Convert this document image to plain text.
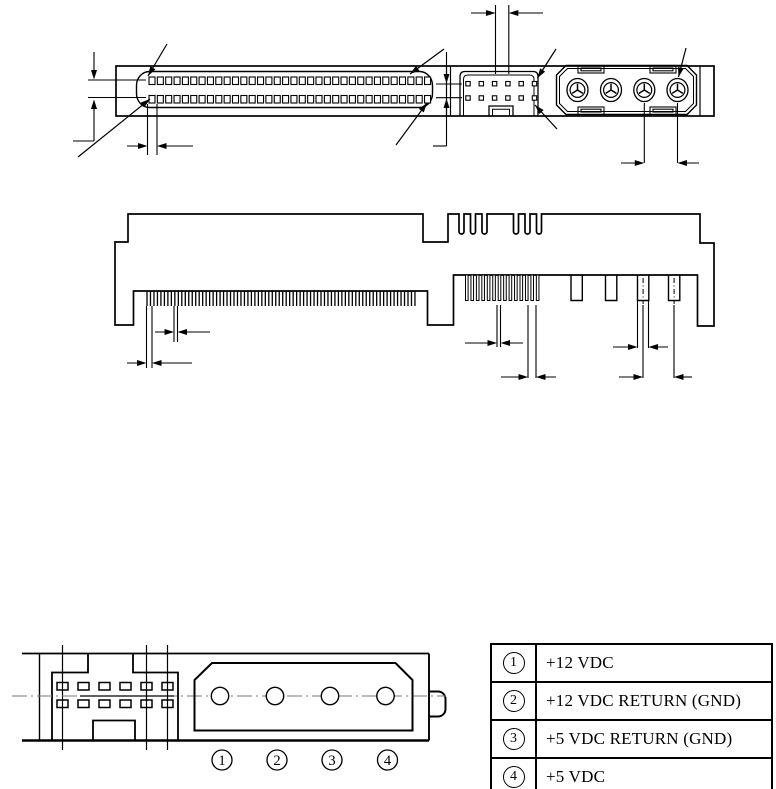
1	2	3	4
1	+12 VDC
2	+12 VDC RETURN (GND)
3	+5 VDC RETURN (GND)
4	+5 VDC
